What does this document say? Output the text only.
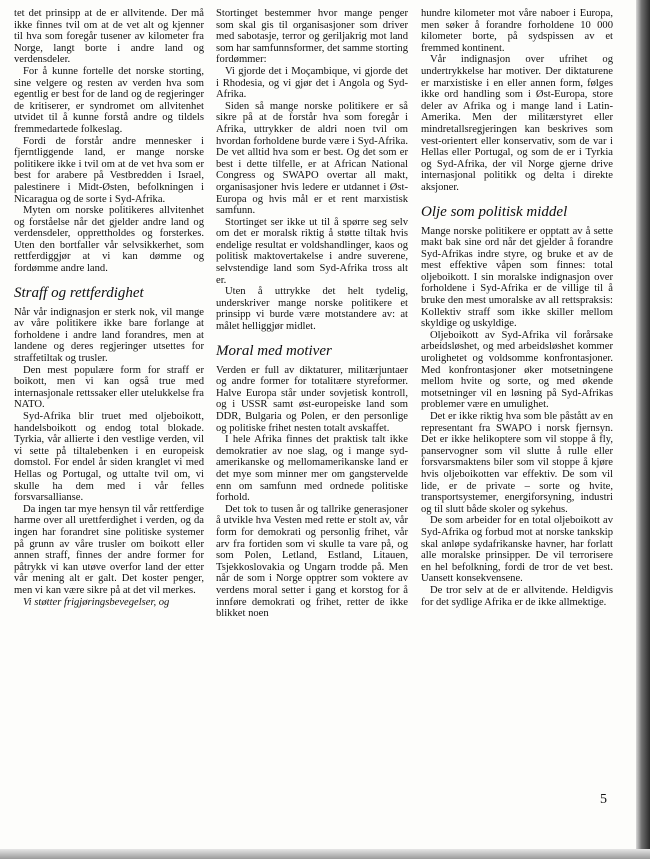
tet det prinsipp at de er allvitende. Der må ikke finnes tvil om at de vet alt og kjenner til hva som foregår tusener av kilometer fra Norge, langt borte i andre land og verdensdeler.

For å kunne fortelle det norske storting, sine velgere og resten av verden hva som egentlig er best for de land og de regjeringer de kritiserer, er syndromet om allvitenhet utvidet til å kunne forstå andre og tildels fremmedartede folkeslag.

Fordi de forstår andre mennesker i fjerntliggende land, er mange norske politikere ikke i tvil om at de vet hva som er best for arabere på Vestbredden i Israel, palestinere i Midt-Østen, befolkningen i Nicaragua og de sorte i Syd-Afrika.

Myten om norske politikeres allvitenhet og forståelse når det gjelder andre land og verdensdeler, opprettholdes og forsterkes. Uten den bortfaller vår selvsikkerhet, som rettferdiggjør at vi kan dømme og fordømme andre land.

Straff og rettferdighet

Når vår indignasjon er sterk nok, vil mange av våre politikere ikke bare forlange at forholdene i andre land forandres, men at landene og deres regjeringer utsettes for straffetiltak og trusler.

Den mest populære form for straff er boikott, men vi kan også true med internasjonale rettssaker eller utelukkelse fra NATO.

Syd-Afrika blir truet med oljeboikott, handelsboikott og endog total blokade. Tyrkia, vår allierte i den vestlige verden, vil vi sette på tiltalebenken i en europeisk domstol. For endel år siden kranglet vi med Hellas og Portugal, og uttalte tvil om, vi skulle ha dem med i vår felles forsvarsallianse.

Da ingen tar mye hensyn til vår rettferdige harme over all urettferdighet i verden, og da ingen har forandret sine politiske systemer på grunn av våre trusler om boikott eller annen straff, finnes der andre former for påtrykk vi kan utøve overfor land der etter vår mening alt er galt. Det koster penger, men vi kan være sikre på at det vil merkes.

Vi støtter frigjøringsbevegelser, og

Stortinget bestemmer hvor mange penger som skal gis til organisasjoner som driver med sabotasje, terror og geriljakrig mot land som har samfunnsformer, det samme storting fordømmer:

Vi gjorde det i Moçambique, vi gjorde det i Rhodesia, og vi gjør det i Angola og Syd-Afrika.

Siden så mange norske politikere er så sikre på at de forstår hva som foregår i Afrika, uttrykker de aldri noen tvil om hvordan forholdene burde være i Syd-Afrika. De vet alltid hva som er best. Og det som er best i dette tilfelle, er at African National Congress og SWAPO overtar all makt, organisasjoner hvis ledere er utdannet i Øst-Europa og hvis mål er et rent marxistisk samfunn.

Stortinget ser ikke ut til å spørre seg selv om det er moralsk riktig å støtte tiltak hvis endelige resultat er voldshandlinger, kaos og politisk maktovertakelse i andre suverene, selvstendige land som Syd-Afrika tross alt er.

Uten å uttrykke det helt tydelig, underskriver mange norske politikere et prinsipp vi burde være motstandere av: at målet helliggjør midlet.

Moral med motiver

Verden er full av diktaturer, militærjuntaer og andre former for totalitære styreformer. Halve Europa står under sovjetisk kontroll, og i USSR samt øst-europeiske land som DDR, Bulgaria og Polen, er den personlige og politiske frihet nesten totalt avskaffet.

I hele Afrika finnes det praktisk talt ikke demokratier av noe slag, og i mange syd-amerikanske og mellomamerikanske land er det mye som minner mer om gangstervelde enn om samfunn med ordnede politiske forhold.

Det tok to tusen år og tallrike generasjoner å utvikle hva Vesten med rette er stolt av, vår form for demokrati og personlig frihet, vår arv fra fortiden som vi skulle ta vare på, og som Polen, Letland, Estland, Litauen, Tsjekkoslovakia og Ungarn trodde på. Men når de som i Norge opptrer som voktere av verdens moral setter i gang et korstog for å innføre demokrati og frihet, retter de ikke blikket noen

hundre kilometer mot våre naboer i Europa, men søker å forandre forholdene 10 000 kilometer borte, på sydspissen av et fremmed kontinent.

Vår indignasjon over ufrihet og undertrykkelse har motiver. Der diktaturene er marxistiske i en eller annen form, følges ikke ord handling som i Øst-Europa, store deler av Afrika og i mange land i Latin-Amerika. Men der militærstyret eller mindretallsregjeringen kan beskrives som vest-orientert eller konservativ, som de var i Hellas eller Portugal, og som de er i Tyrkia og Syd-Afrika, der vil Norge gjerne drive internasjonal politikk og delta i direkte aksjoner.

Olje som politisk middel

Mange norske politikere er opptatt av å sette makt bak sine ord når det gjelder å forandre Syd-Afrikas indre styre, og bruke et av de mest effektive våpen som finnes: total oljeboikott. I sin moralske indignasjon over forholdene i Syd-Afrika er de villige til å bruke den mest umoralske av all rettspraksis: Kollektiv straff som ikke skiller mellom skyldige og uskyldige.

Oljeboikott av Syd-Afrika vil forårsake arbeidsløshet, og med arbeidsløshet kommer urolighetet og voldsomme konfrontasjoner. Med konfrontasjoner øker motsetningene mellom hvite og sorte, og med økende motsetninger vil en løsning på Syd-Afrikas problemer være en umulighet.

Det er ikke riktig hva som ble påstått av en representant fra SWAPO i norsk fjernsyn. Det er ikke helikoptere som vil stoppe å fly, panservogner som vil slutte å rulle eller forsvarsmaktens biler som vil stoppe å kjøre hvis oljeboikotten var effektiv. De som vil lide, er de private – sorte og hvite, transportsystemer, energiforsyning, industri og til slutt både skoler og sykehus.

De som arbeider for en total oljeboikott av Syd-Afrika og forbud mot at norske tankskip skal anløpe sydafrikanske havner, har forlatt alle moralske prinsipper. De vil terrorisere en hel befolkning, fordi de tror de vet best. Uansett konsekvensene.

De tror selv at de er allvitende. Heldigvis for det sydlige Afrika er de ikke allmektige.

5
